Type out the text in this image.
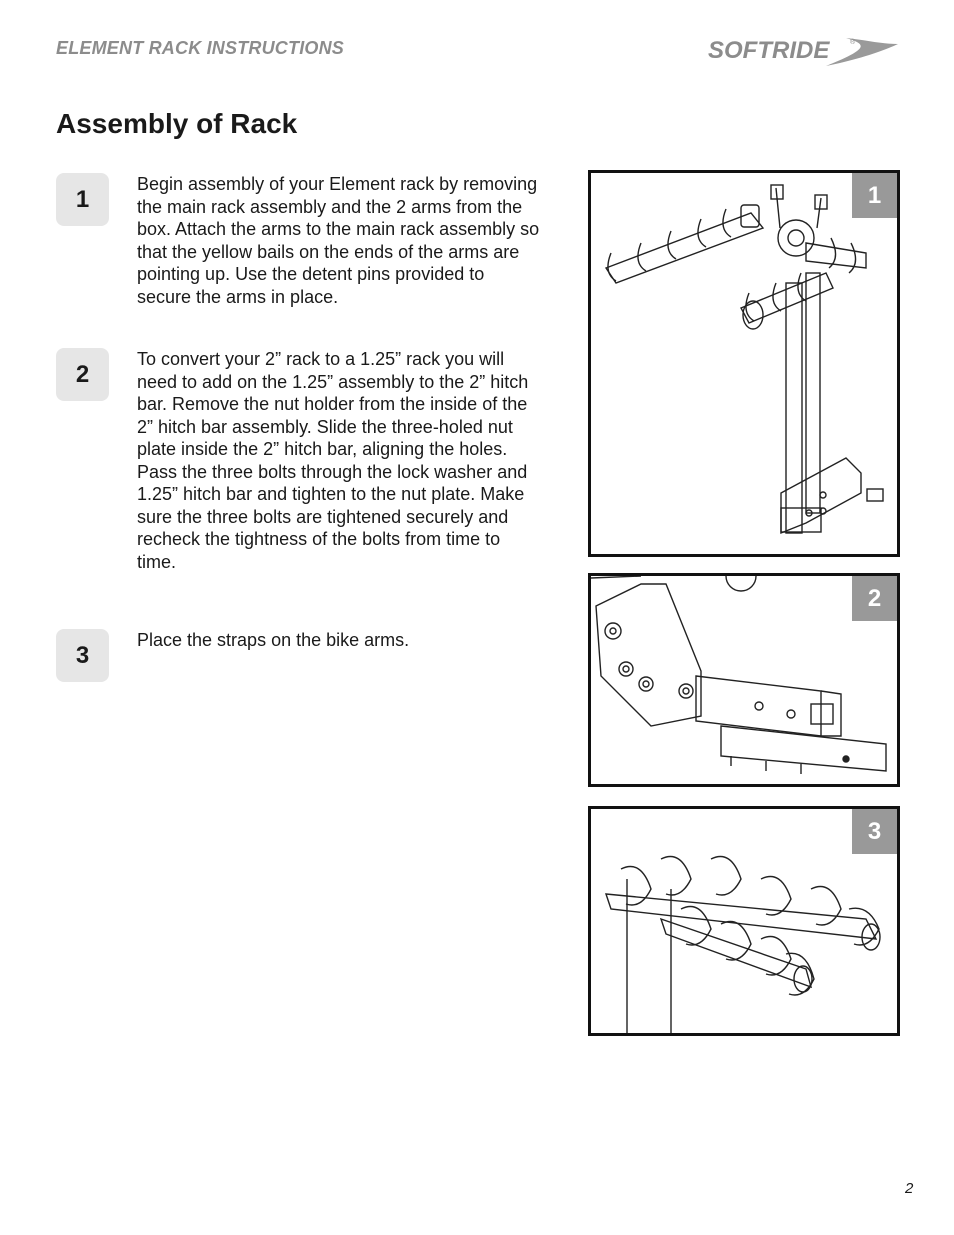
ELEMENT RACK INSTRUCTIONS	SOFTRIDE	®
Assembly of Rack
1
Begin assembly of your Element rack by removing the main rack assembly and the 2 arms from the box. Attach the arms to the main rack assembly so that the yellow bails on the ends of the arms are pointing up. Use the detent pins provided to secure the arms in place.
2
To convert your 2” rack to a 1.25” rack you will need to add on the 1.25” assembly to the 2” hitch bar. Remove the nut holder from the inside of the 2” hitch bar assembly. Slide the three-holed nut plate inside the 2” hitch bar, aligning the holes. Pass the three bolts through the lock washer and 1.25” hitch bar and tighten to the nut plate. Make sure the three bolts are tightened securely and recheck the tightness of the bolts from time to time.
3
Place the straps on the bike arms.
1
2
3
2
